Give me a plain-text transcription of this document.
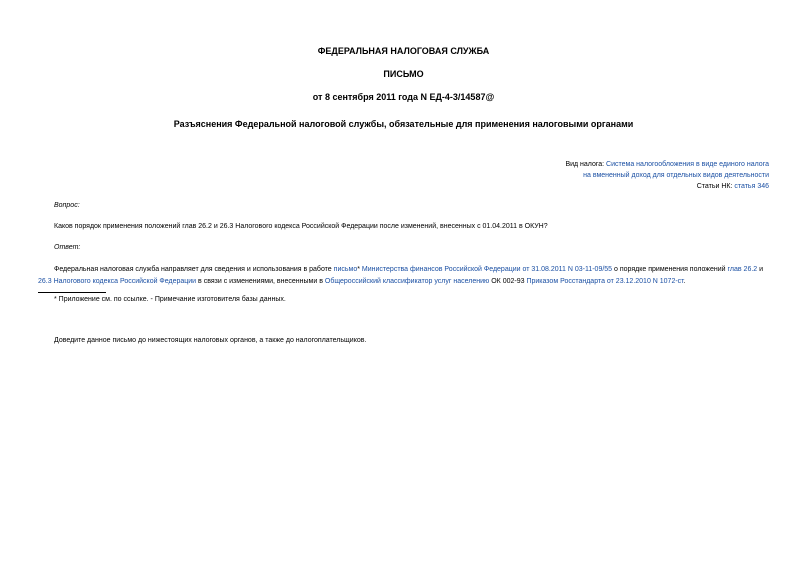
ФЕДЕРАЛЬНАЯ НАЛОГОВАЯ СЛУЖБА
ПИСЬМО
от 8 сентября 2011 года N ЕД-4-3/14587@
Разъяснения Федеральной налоговой службы, обязательные для применения налоговыми органами
Вид налога: Система налогообложения в виде единого налога
на вмененный доход для отдельных видов деятельности
Статьи НК: статья 346
Вопрос:
Каков порядок применения положений глав 26.2 и 26.3 Налогового кодекса Российской Федерации после изменений, внесенных с 01.04.2011 в ОКУН?
Ответ:
Федеральная налоговая служба направляет для сведения и использования в работе письмо* Министерства финансов Российской Федерации от 31.08.2011 N 03-11-09/55 о порядке применения положений глав 26.2 и 26.3 Налогового кодекса Российской Федерации в связи с изменениями, внесенными в Общероссийский классификатор услуг населению ОК 002-93 Приказом Росстандарта от 23.12.2010 N 1072-ст.
* Приложение см. по ссылке. - Примечание изготовителя базы данных.
Доведите данное письмо до нижестоящих налоговых органов, а также до налогоплательщиков.
